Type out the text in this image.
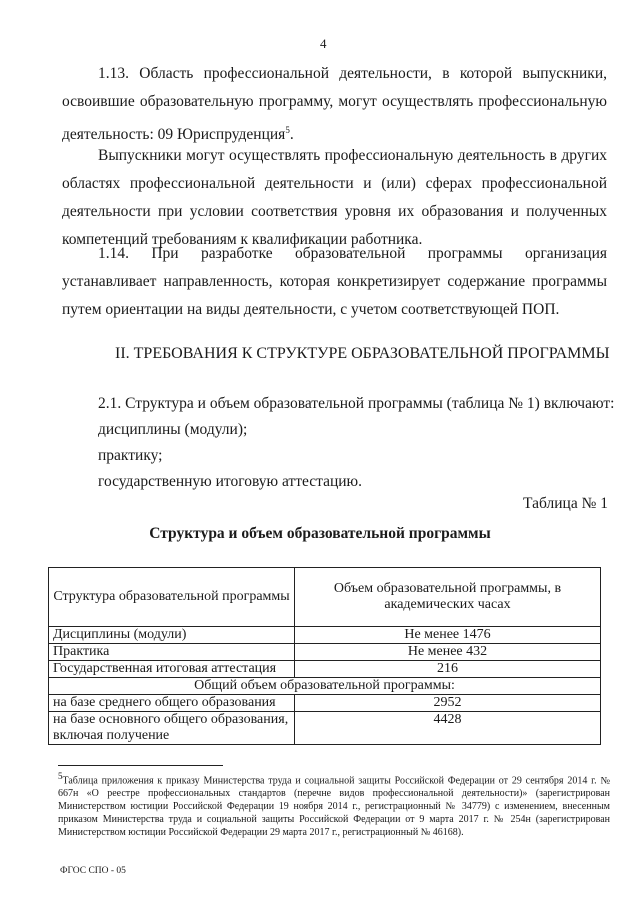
4
1.13. Область профессиональной деятельности, в которой выпускники, освоившие образовательную программу, могут осуществлять профессиональную деятельность: 09 Юриспруденция$^5$.
Выпускники могут осуществлять профессиональную деятельность в других областях профессиональной деятельности и (или) сферах профессиональной деятельности при условии соответствия уровня их образования и полученных компетенций требованиям к квалификации работника.
1.14. При разработке образовательной программы организация устанавливает направленность, которая конкретизирует содержание программы путем ориентации на виды деятельности, с учетом соответствующей ПОП.
II. ТРЕБОВАНИЯ К СТРУКТУРЕ ОБРАЗОВАТЕЛЬНОЙ ПРОГРАММЫ
2.1. Структура и объем образовательной программы (таблица № 1) включают:
дисциплины (модули);
практику;
государственную итоговую аттестацию.
Таблица № 1
Структура и объем образовательной программы
Структура образовательной программы	Объем образовательной программы, в академических часах
Дисциплины (модули)	Не менее 1476
Практика	Не менее 432
Государственная итоговая аттестация	216
Общий объем образовательной программы:	
на базе среднего общего образования	2952
на базе основного общего образования, включая получение	4428
5Таблица приложения к приказу Министерства труда и социальной защиты Российской Федерации от 29 сентября 2014 г. № 667н «О реестре профессиональных стандартов (перечне видов профессиональной деятельности)» (зарегистрирован Министерством юстиции Российской Федерации 19 ноября 2014 г., регистрационный № 34779) с изменением, внесенным приказом Министерства труда и социальной защиты Российской Федерации от 9 марта 2017 г. № 254н (зарегистрирован Министерством юстиции Российской Федерации 29 марта 2017 г., регистрационный № 46168).
ФГОС СПО - 05
